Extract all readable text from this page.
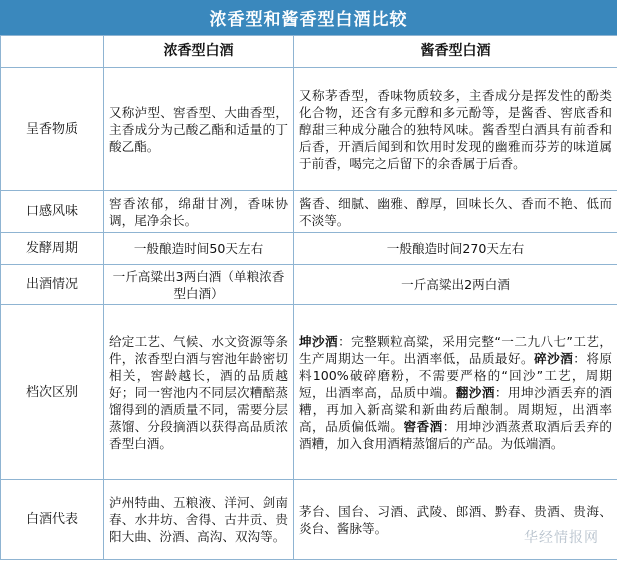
浓香型和酱香型白酒比较
	浓香型白酒	酱香型白酒
呈香物质	又称泸型、窖香型、大曲香型，主香成分为己酸乙酯和适量的丁酸乙酯。	又称茅香型，香味物质较多，主香成分是挥发性的酚类化合物，还含有多元醇和多元酚等，是酱香、窖底香和醇甜三种成分融合的独特风味。酱香型白酒具有前香和后香，开酒后闻到和饮用时发现的幽雅而芬芳的味道属于前香，喝完之后留下的余香属于后香。
口感风味	窖香浓郁，绵甜甘冽，香味协调，尾净余长。	酱香、细腻、幽雅、醇厚，回味长久、香而不艳、低而不淡等。
发酵周期	一般酿造时间50天左右	一般酿造时间270天左右
出酒情况	一斤高粱出3两白酒（单粮浓香型白酒）	一斤高粱出2两白酒
档次区别	给定工艺、气候、水文资源等条件，浓香型白酒与窖池年龄密切相关，窖龄越长，酒的品质越好；同一窖池内不同层次糟醅蒸馏得到的酒质量不同，需要分层蒸馏、分段摘酒以获得高品质浓香型白酒。	坤沙酒：完整颗粒高粱，采用完整“一二九八七”工艺，生产周期达一年。出酒率低，品质最好。碎沙酒：将原料100%破碎磨粉，不需要严格的“回沙”工艺，周期短，出酒率高，品质中端。翻沙酒：用坤沙酒丢弃的酒糟，再加入新高粱和新曲药后酿制。周期短，出酒率高，品质偏低端。窖香酒：用坤沙酒蒸煮取酒后丢弃的酒糟，加入食用酒精蒸馏后的产品。为低端酒。
白酒代表	泸州特曲、五粮液、洋河、剑南春、水井坊、舍得、古井贡、贵阳大曲、汾酒、高沟、双沟等。	茅台、国台、习酒、武陵、郎酒、黔春、贵酒、贵海、炎台、酱脉等。
华经情报网
